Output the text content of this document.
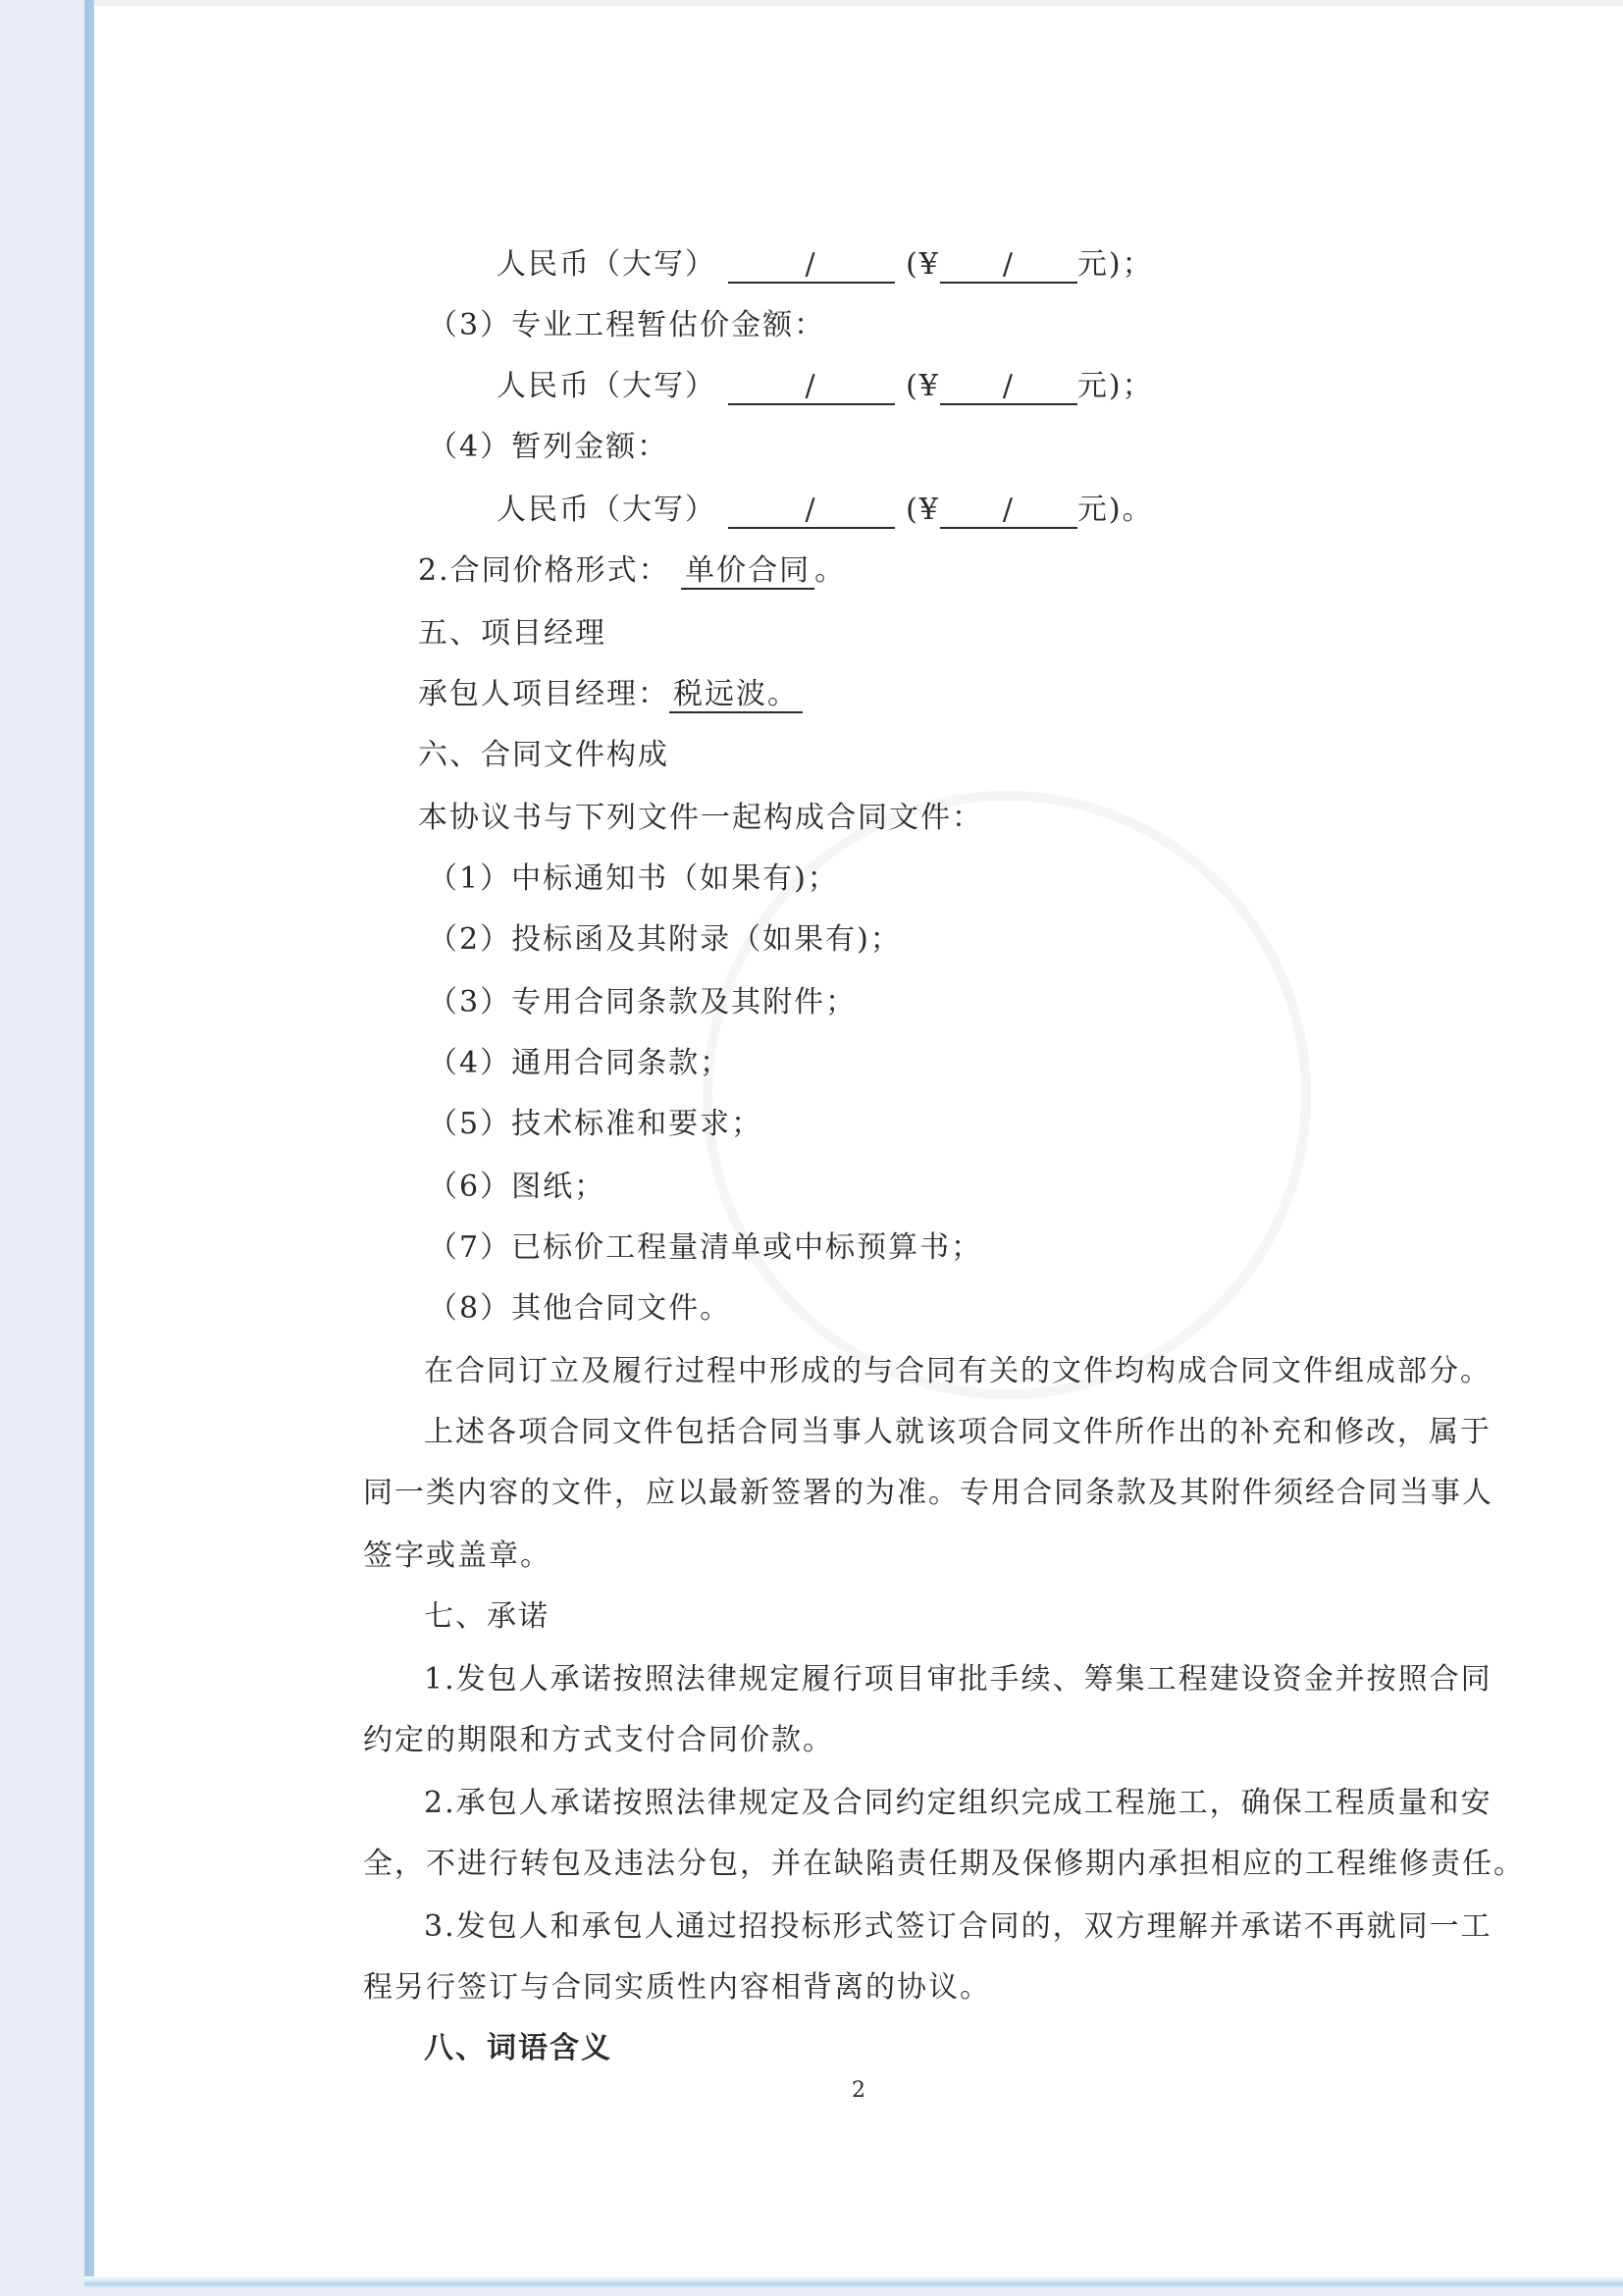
人民币（大写）	/	(¥ / 元)；
（3）专业工程暂估价金额：
人民币（大写）	/	(¥ / 元)；
（4）暂列金额：
人民币（大写）	/	(¥ / 元)。
2.合同价格形式： 单价合同 。
五、项目经理
承包人项目经理： 税远波。
六、合同文件构成
本协议书与下列文件一起构成合同文件：
（1）中标通知书（如果有)；
（2）投标函及其附录（如果有)；
（3）专用合同条款及其附件；
（4）通用合同条款；
（5）技术标准和要求；
（6）图纸；
（7）已标价工程量清单或中标预算书；
（8）其他合同文件。
在合同订立及履行过程中形成的与合同有关的文件均构成合同文件组成部分。
上述各项合同文件包括合同当事人就该项合同文件所作出的补充和修改，属于
同一类内容的文件，应以最新签署的为准。专用合同条款及其附件须经合同当事人
签字或盖章。
七、承诺
1.发包人承诺按照法律规定履行项目审批手续、筹集工程建设资金并按照合同
约定的期限和方式支付合同价款。
2.承包人承诺按照法律规定及合同约定组织完成工程施工，确保工程质量和安
全，不进行转包及违法分包，并在缺陷责任期及保修期内承担相应的工程维修责任。
3.发包人和承包人通过招投标形式签订合同的，双方理解并承诺不再就同一工
程另行签订与合同实质性内容相背离的协议。
八、词语含义
2
